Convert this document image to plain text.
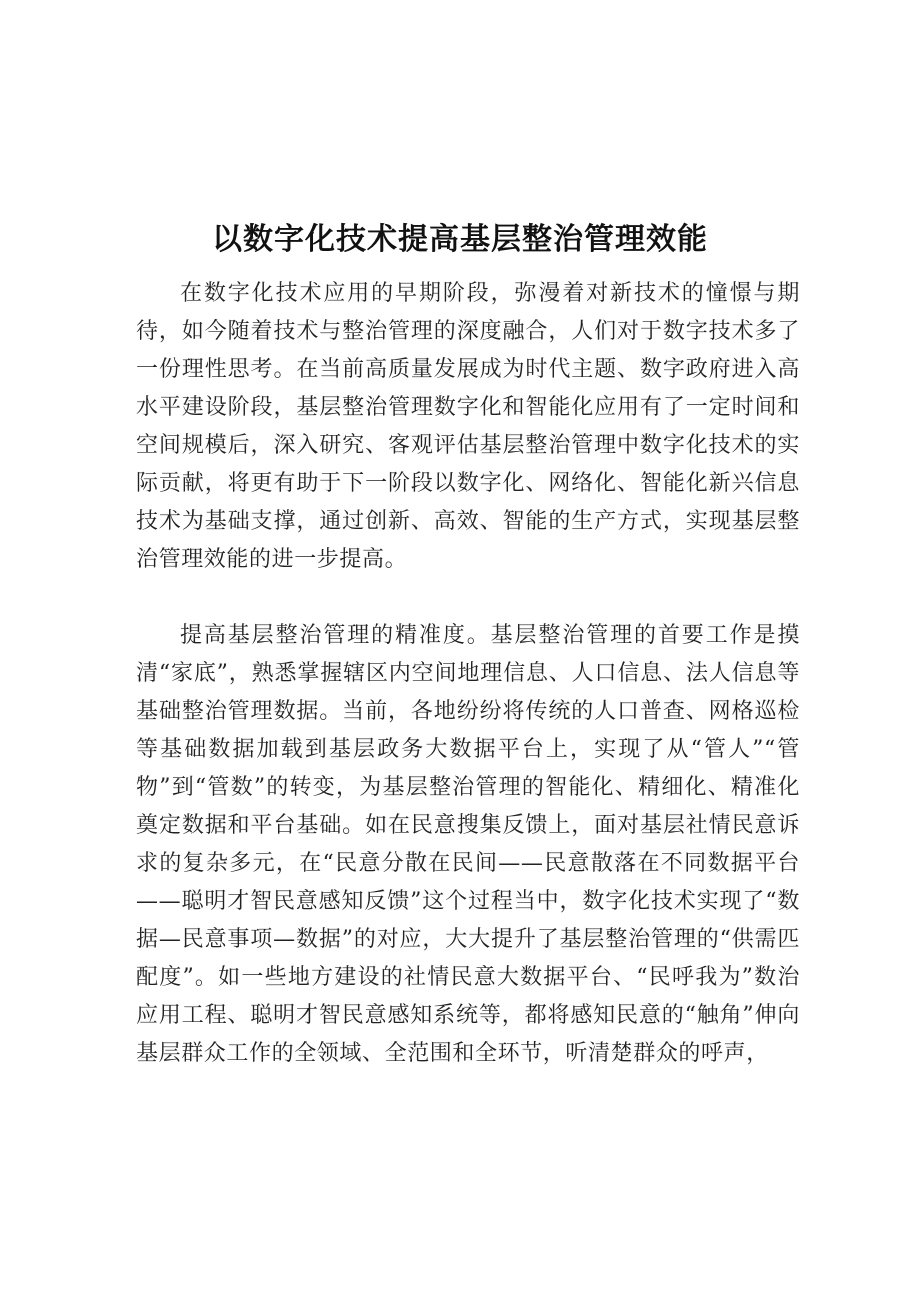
以数字化技术提高基层整治管理效能

在数字化技术应用的早期阶段，弥漫着对新技术的憧憬与期待，如今随着技术与整治管理的深度融合，人们对于数字技术多了一份理性思考。在当前高质量发展成为时代主题、数字政府进入高水平建设阶段，基层整治管理数字化和智能化应用有了一定时间和空间规模后，深入研究、客观评估基层整治管理中数字化技术的实际贡献，将更有助于下一阶段以数字化、网络化、智能化新兴信息技术为基础支撑，通过创新、高效、智能的生产方式，实现基层整治管理效能的进一步提高。

提高基层整治管理的精准度。基层整治管理的首要工作是摸清“家底”，熟悉掌握辖区内空间地理信息、人口信息、法人信息等基础整治管理数据。当前，各地纷纷将传统的人口普查、网格巡检等基础数据加载到基层政务大数据平台上，实现了从“管人”“管物”到“管数”的转变，为基层整治管理的智能化、精细化、精准化奠定数据和平台基础。如在民意搜集反馈上，面对基层社情民意诉求的复杂多元，在“民意分散在民间——民意散落在不同数据平台——聪明才智民意感知反馈”这个过程当中，数字化技术实现了“数据—民意事项—数据”的对应，大大提升了基层整治管理的“供需匹配度”。如一些地方建设的社情民意大数据平台、“民呼我为”数治应用工程、聪明才智民意感知系统等，都将感知民意的“触角”伸向基层群众工作的全领域、全范围和全环节，听清楚群众的呼声，
